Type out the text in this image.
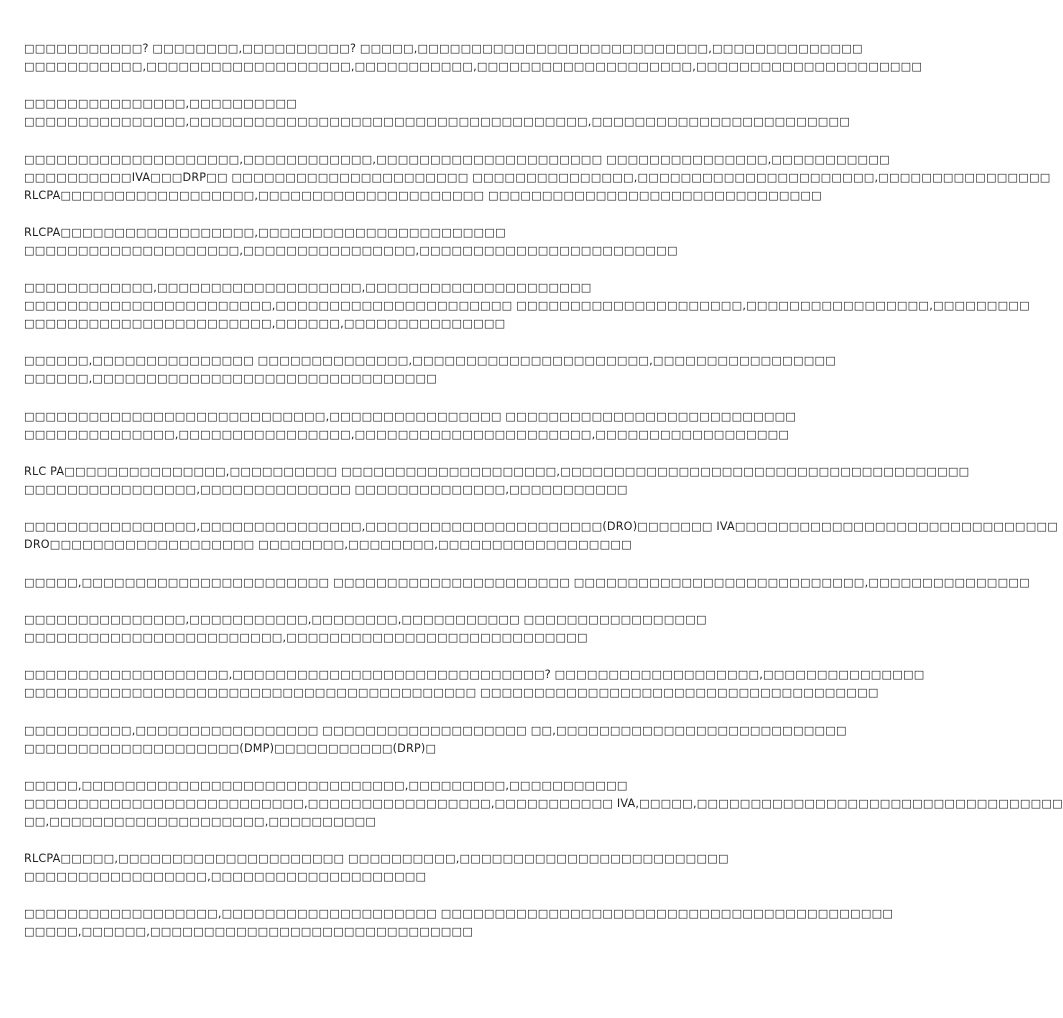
□□□□□□□□□□□? □□□□□□□□,□□□□□□□□□□? □□□□□,□□□□□□□□□□□□□□□□□□□□□□□□□□□,□□□□□□□□□□□□□□
□□□□□□□□□□□,□□□□□□□□□□□□□□□□□□□,□□□□□□□□□□□,□□□□□□□□□□□□□□□□□□□□,□□□□□□□□□□□□□□□□□□□□□
□□□□□□□□□□□□□□□,□□□□□□□□□□
□□□□□□□□□□□□□□□,□□□□□□□□□□□□□□□□□□□□□□□□□□□□□□□□□□□□□,□□□□□□□□□□□□□□□□□□□□□□□□
□□□□□□□□□□□□□□□□□□□□,□□□□□□□□□□□□,□□□□□□□□□□□□□□□□□□□□□ □□□□□□□□□□□□□□□,□□□□□□□□□□□
□□□□□□□□□□IVA□□□DRP□□ □□□□□□□□□□□□□□□□□□□□□□ □□□□□□□□□□□□□□□,□□□□□□□□□□□□□□□□□□□□□□,□□□□□□□□□□□□□□□□
RLCPA□□□□□□□□□□□□□□□□□□,□□□□□□□□□□□□□□□□□□□□□ □□□□□□□□□□□□□□□□□□□□□□□□□□□□□□□
RLCPA□□□□□□□□□□□□□□□□□□,□□□□□□□□□□□□□□□□□□□□□□□
□□□□□□□□□□□□□□□□□□□□,□□□□□□□□□□□□□□□□,□□□□□□□□□□□□□□□□□□□□□□□□
□□□□□□□□□□□□,□□□□□□□□□□□□□□□□□□□,□□□□□□□□□□□□□□□□□□□□□
□□□□□□□□□□□□□□□□□□□□□□□,□□□□□□□□□□□□□□□□□□□□□□ □□□□□□□□□□□□□□□□□□□□□,□□□□□□□□□□□□□□□□□,□□□□□□□□□
□□□□□□□□□□□□□□□□□□□□□□□,□□□□□□,□□□□□□□□□□□□□□□
□□□□□□,□□□□□□□□□□□□□□□ □□□□□□□□□□□□□□,□□□□□□□□□□□□□□□□□□□□□□,□□□□□□□□□□□□□□□□□
□□□□□□,□□□□□□□□□□□□□□□□□□□□□□□□□□□□□□□□
□□□□□□□□□□□□□□□□□□□□□□□□□□□□,□□□□□□□□□□□□□□□□ □□□□□□□□□□□□□□□□□□□□□□□□□□□
□□□□□□□□□□□□□□,□□□□□□□□□□□□□□□□,□□□□□□□□□□□□□□□□□□□□□□,□□□□□□□□□□□□□□□□□□
RLC PA□□□□□□□□□□□□□□□,□□□□□□□□□□ □□□□□□□□□□□□□□□□□□□□,□□□□□□□□□□□□□□□□□□□□□□□□□□□□□□□□□□□□□□
□□□□□□□□□□□□□□□□,□□□□□□□□□□□□□□ □□□□□□□□□□□□□□,□□□□□□□□□□□
□□□□□□□□□□□□□□□□,□□□□□□□□□□□□□□□,□□□□□□□□□□□□□□□□□□□□□□(DRO)□□□□□□□ IVA□□□□□□□□□□□□□□□□□□□□□□□□□□□□□□
DRO□□□□□□□□□□□□□□□□□□□ □□□□□□□□,□□□□□□□□,□□□□□□□□□□□□□□□□□□
□□□□□,□□□□□□□□□□□□□□□□□□□□□□□ □□□□□□□□□□□□□□□□□□□□□□ □□□□□□□□□□□□□□□□□□□□□□□□□□□,□□□□□□□□□□□□□□□
□□□□□□□□□□□□□□□,□□□□□□□□□□□,□□□□□□□□,□□□□□□□□□□□ □□□□□□□□□□□□□□□□□
□□□□□□□□□□□□□□□□□□□□□□□□,□□□□□□□□□□□□□□□□□□□□□□□□□□□□
□□□□□□□□□□□□□□□□□□□,□□□□□□□□□□□□□□□□□□□□□□□□□□□□□? □□□□□□□□□□□□□□□□□□□,□□□□□□□□□□□□□□□
□□□□□□□□□□□□□□□□□□□□□□□□□□□□□□□□□□□□□□□□□□ □□□□□□□□□□□□□□□□□□□□□□□□□□□□□□□□□□□□□
□□□□□□□□□□,□□□□□□□□□□□□□□□□□ □□□□□□□□□□□□□□□□□□□ □□,□□□□□□□□□□□□□□□□□□□□□□□□□□□
□□□□□□□□□□□□□□□□□□□□(DMP)□□□□□□□□□□□(DRP)□
□□□□□,□□□□□□□□□□□□□□□□□□□□□□□□□□□□□□,□□□□□□□□□,□□□□□□□□□□□
□□□□□□□□□□□□□□□□□□□□□□□□□□,□□□□□□□□□□□□□□□□□,□□□□□□□□□□□ IVA,□□□□□,□□□□□□□□□□□□□□□□□□□□□□□□□□□□□□□□□□
□□,□□□□□□□□□□□□□□□□□□□□,□□□□□□□□□□
RLCPA□□□□□,□□□□□□□□□□□□□□□□□□□□□ □□□□□□□□□□,□□□□□□□□□□□□□□□□□□□□□□□□□
□□□□□□□□□□□□□□□□□,□□□□□□□□□□□□□□□□□□□□
□□□□□□□□□□□□□□□□□□,□□□□□□□□□□□□□□□□□□□□ □□□□□□□□□□□□□□□□□□□□□□□□□□□□□□□□□□□□□□□□□□
□□□□□,□□□□□□,□□□□□□□□□□□□□□□□□□□□□□□□□□□□□□
